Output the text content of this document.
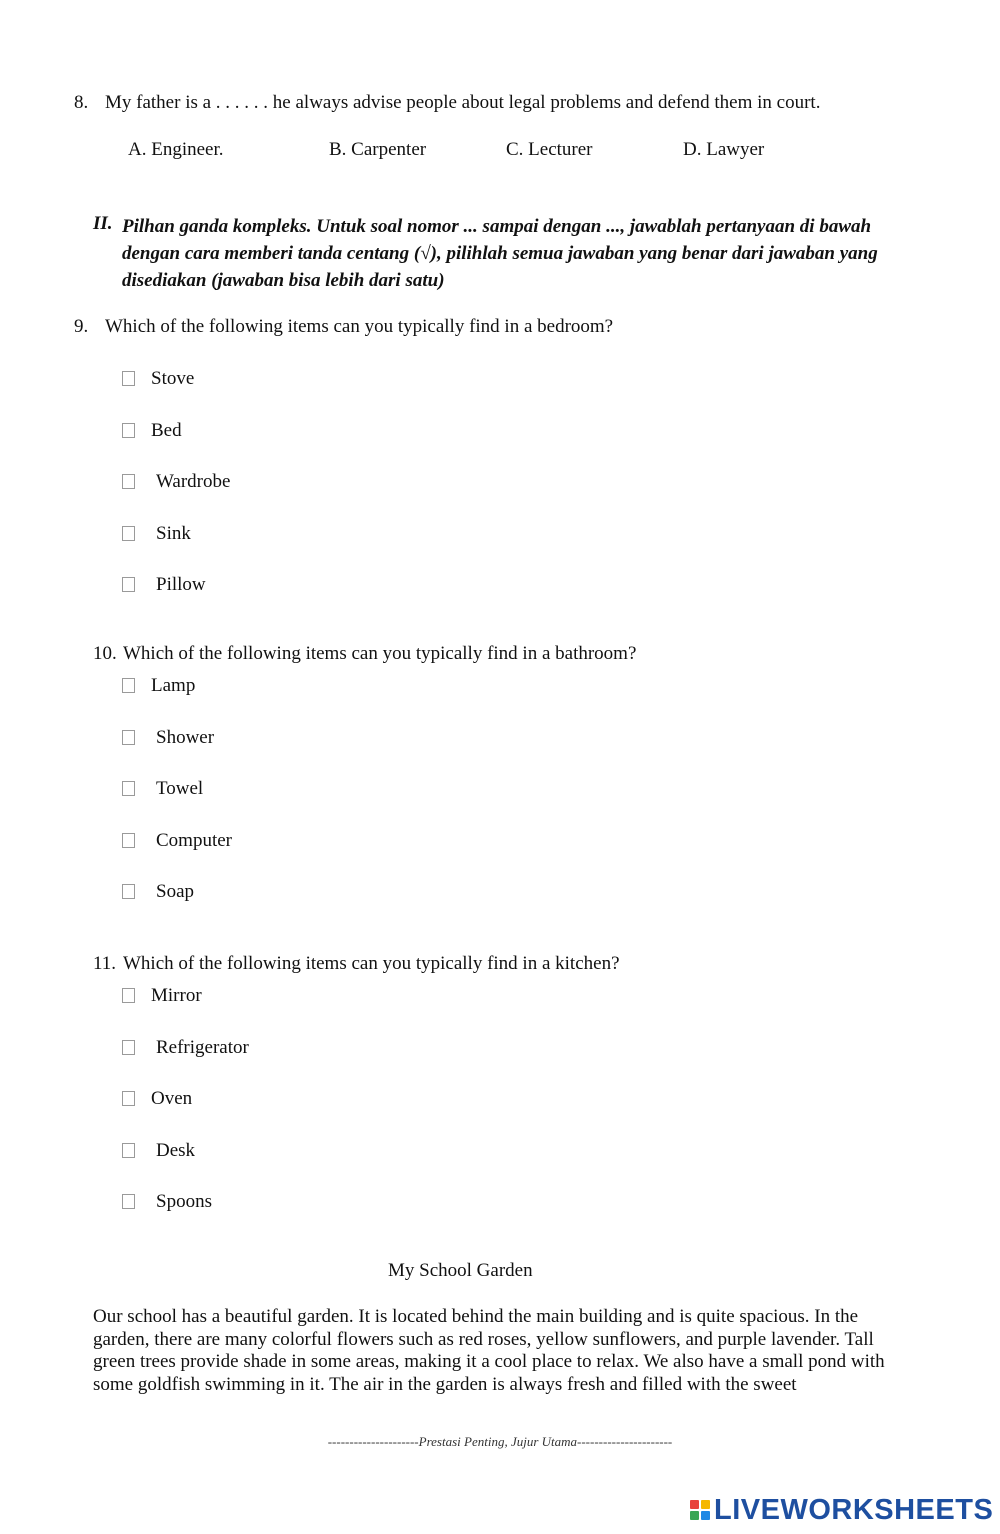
8. My father is a . . . . . . he always advise people about legal problems and defend them in court.
A. Engineer.	B. Carpenter	C. Lecturer	D. Lawyer
II. Pilhan ganda kompleks. Untuk soal nomor ... sampai dengan ..., jawablah pertanyaan di bawah dengan cara memberi tanda centang (√), pilihlah semua jawaban yang benar dari jawaban yang disediakan (jawaban bisa lebih dari satu)
9. Which of the following items can you typically find in a bedroom?
Stove
Bed
Wardrobe
Sink
Pillow
10. Which of the following items can you typically find in a bathroom?
Lamp
Shower
Towel
Computer
Soap
11. Which of the following items can you typically find in a kitchen?
Mirror
Refrigerator
Oven
Desk
Spoons
My School Garden
Our school has a beautiful garden. It is located behind the main building and is quite spacious. In the garden, there are many colorful flowers such as red roses, yellow sunflowers, and purple lavender. Tall green trees provide shade in some areas, making it a cool place to relax. We also have a small pond with some goldfish swimming in it. The air in the garden is always fresh and filled with the sweet
---------------------Prestasi Penting, Jujur Utama----------------------
LIVEWORKSHEETS
